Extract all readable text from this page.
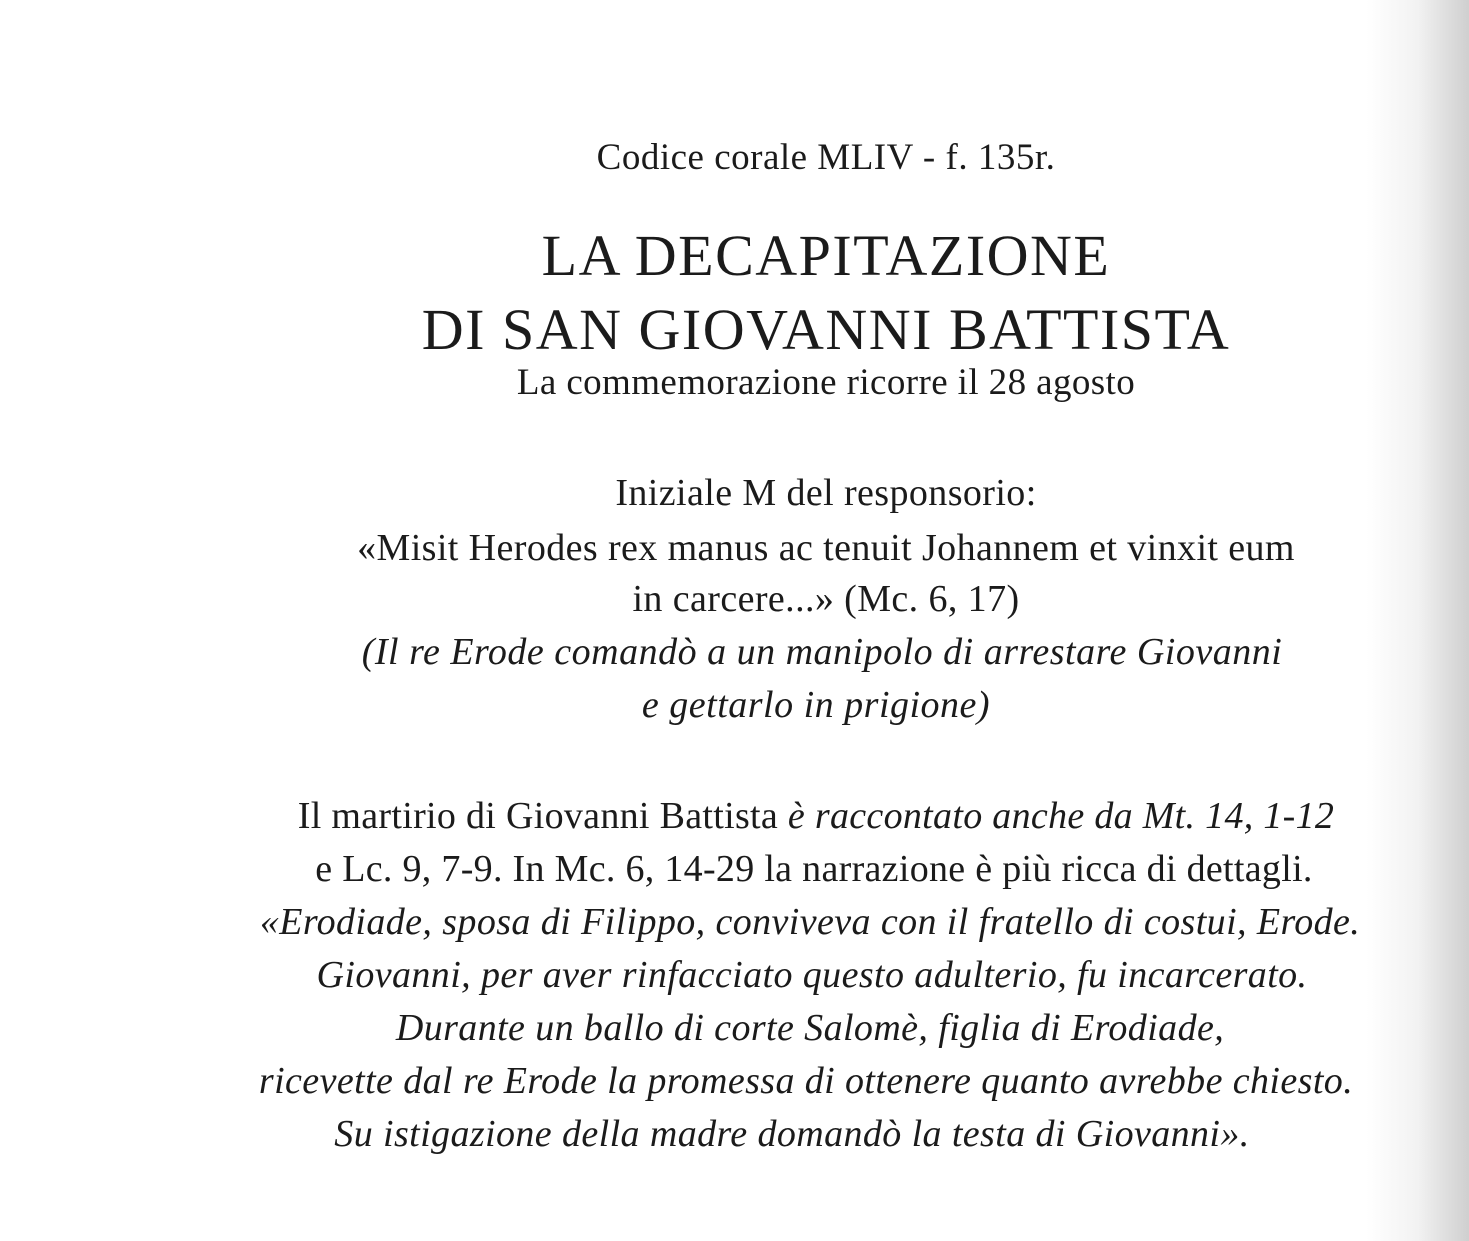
Codice corale MLIV - f. 135r.
LA DECAPITAZIONE
DI SAN GIOVANNI BATTISTA
La commemorazione ricorre il 28 agosto
Iniziale M del responsorio:
«Misit Herodes rex manus ac tenuit Johannem et vinxit eum
in carcere...» (Mc. 6, 17)
(Il re Erode comandò a un manipolo di arrestare Giovanni
e gettarlo in prigione)
Il martirio di Giovanni Battista è raccontato anche da Mt. 14, 1-12
e Lc. 9, 7-9. In Mc. 6, 14-29 la narrazione è più ricca di dettagli.
«Erodiade, sposa di Filippo, conviveva con il fratello di costui, Erode.
Giovanni, per aver rinfacciato questo adulterio, fu incarcerato.
Durante un ballo di corte Salomè, figlia di Erodiade,
ricevette dal re Erode la promessa di ottenere quanto avrebbe chiesto.
Su istigazione della madre domandò la testa di Giovanni».
